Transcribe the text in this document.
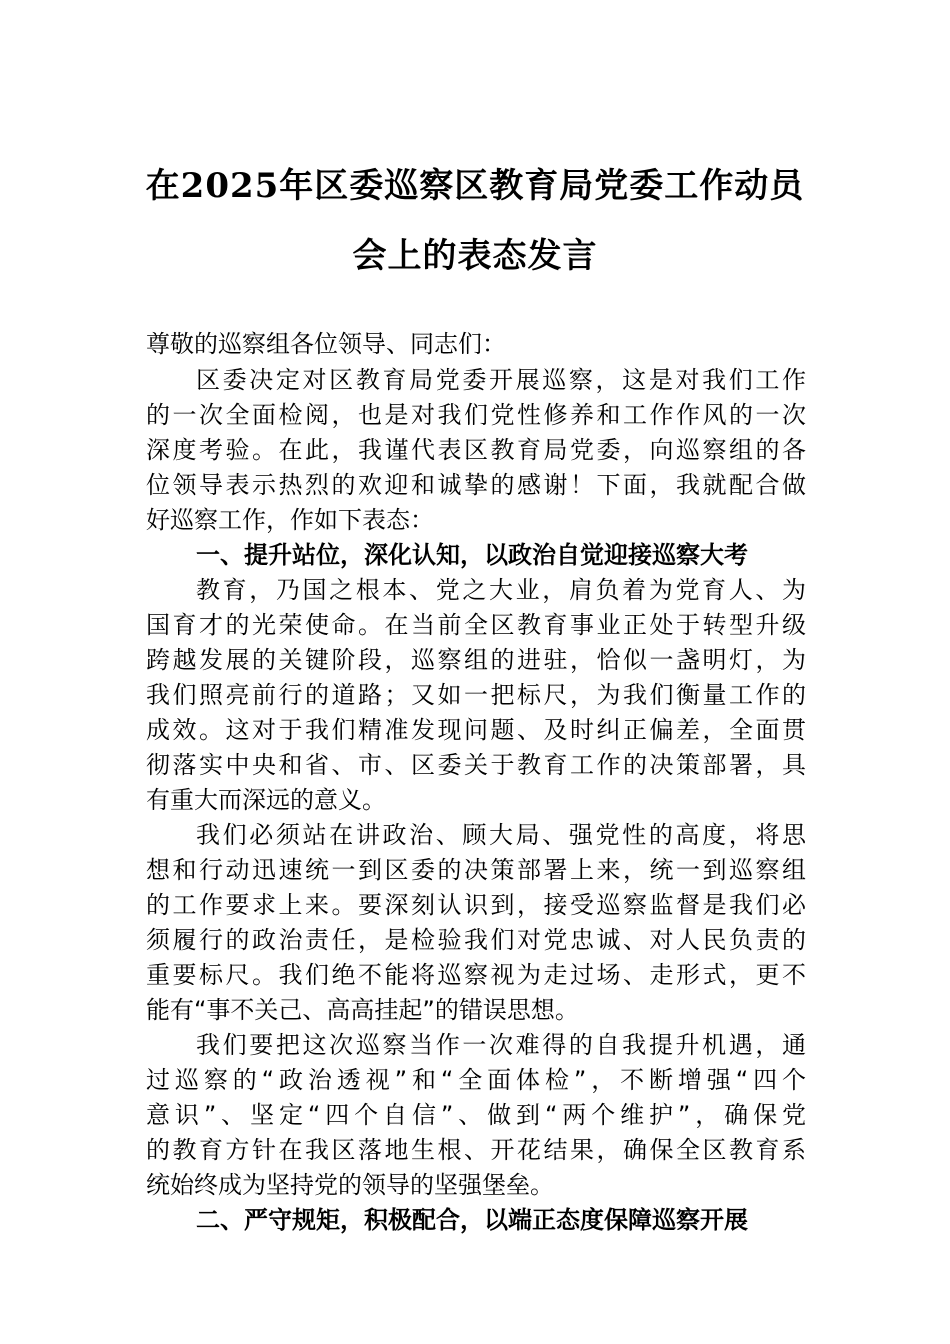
在2025年区委巡察区教育局党委工作动员
会上的表态发言
尊敬的巡察组各位领导、同志们：
区委决定对区教育局党委开展巡察，这是对我们工作
的一次全面检阅，也是对我们党性修养和工作作风的一次
深度考验。在此，我谨代表区教育局党委，向巡察组的各
位领导表示热烈的欢迎和诚挚的感谢！下面，我就配合做
好巡察工作，作如下表态：
一、提升站位，深化认知，以政治自觉迎接巡察大考
教育，乃国之根本、党之大业，肩负着为党育人、为
国育才的光荣使命。在当前全区教育事业正处于转型升级
跨越发展的关键阶段，巡察组的进驻，恰似一盏明灯，为
我们照亮前行的道路；又如一把标尺，为我们衡量工作的
成效。这对于我们精准发现问题、及时纠正偏差，全面贯
彻落实中央和省、市、区委关于教育工作的决策部署，具
有重大而深远的意义。
我们必须站在讲政治、顾大局、强党性的高度，将思
想和行动迅速统一到区委的决策部署上来，统一到巡察组
的工作要求上来。要深刻认识到，接受巡察监督是我们必
须履行的政治责任，是检验我们对党忠诚、对人民负责的
重要标尺。我们绝不能将巡察视为走过场、走形式，更不
能有“事不关己、高高挂起”的错误思想。
我们要把这次巡察当作一次难得的自我提升机遇，通
过巡察的“政治透视”和“全面体检”，不断增强“四个
意识”、坚定“四个自信”、做到“两个维护”，确保党
的教育方针在我区落地生根、开花结果，确保全区教育系
统始终成为坚持党的领导的坚强堡垒。
二、严守规矩，积极配合，以端正态度保障巡察开展
